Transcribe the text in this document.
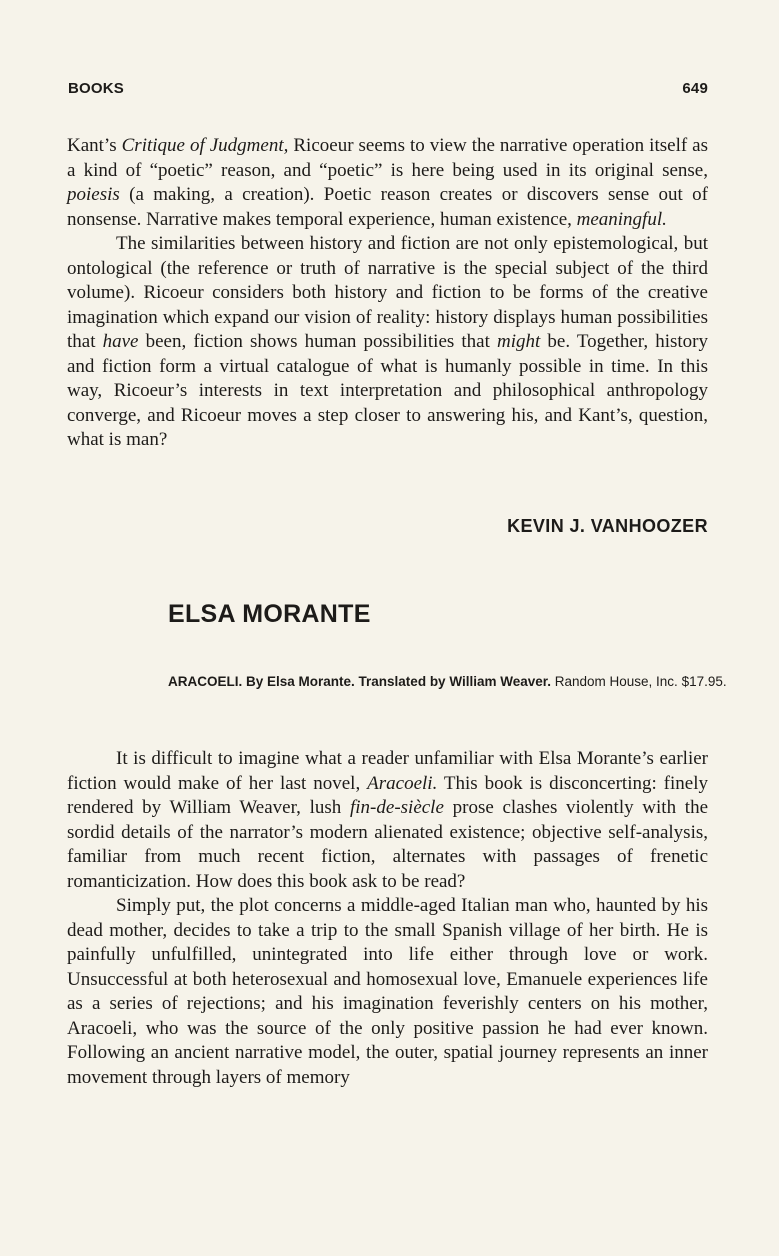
BOOKS	649

Kant’s Critique of Judgment, Ricoeur seems to view the narrative operation itself as a kind of “poetic” reason, and “poetic” is here being used in its original sense, poiesis (a making, a creation). Poetic reason creates or discovers sense out of nonsense. Narrative makes temporal experience, human existence, meaningful.

The similarities between history and fiction are not only epistemological, but ontological (the reference or truth of narrative is the special subject of the third volume). Ricoeur considers both history and fiction to be forms of the creative imagination which expand our vision of reality: history displays human possibilities that have been, fiction shows human possibilities that might be. Together, history and fiction form a virtual catalogue of what is humanly possible in time. In this way, Ricoeur’s interests in text interpretation and philosophical anthropology converge, and Ricoeur moves a step closer to answering his, and Kant’s, question, what is man?

KEVIN J. VANHOOZER
ELSA MORANTE
ARACOELI. By Elsa Morante. Translated by William Weaver. Random House, Inc. $17.95.

It is difficult to imagine what a reader unfamiliar with Elsa Morante’s earlier fiction would make of her last novel, Aracoeli. This book is disconcerting: finely rendered by William Weaver, lush fin-de-siècle prose clashes violently with the sordid details of the narrator’s modern alienated existence; objective self-analysis, familiar from much recent fiction, alternates with passages of frenetic romanticization. How does this book ask to be read?

Simply put, the plot concerns a middle-aged Italian man who, haunted by his dead mother, decides to take a trip to the small Spanish village of her birth. He is painfully unfulfilled, unintegrated into life either through love or work. Unsuccessful at both heterosexual and homosexual love, Emanuele experiences life as a series of rejections; and his imagination feverishly centers on his mother, Aracoeli, who was the source of the only positive passion he had ever known. Following an ancient narrative model, the outer, spatial journey represents an inner movement through layers of memory
